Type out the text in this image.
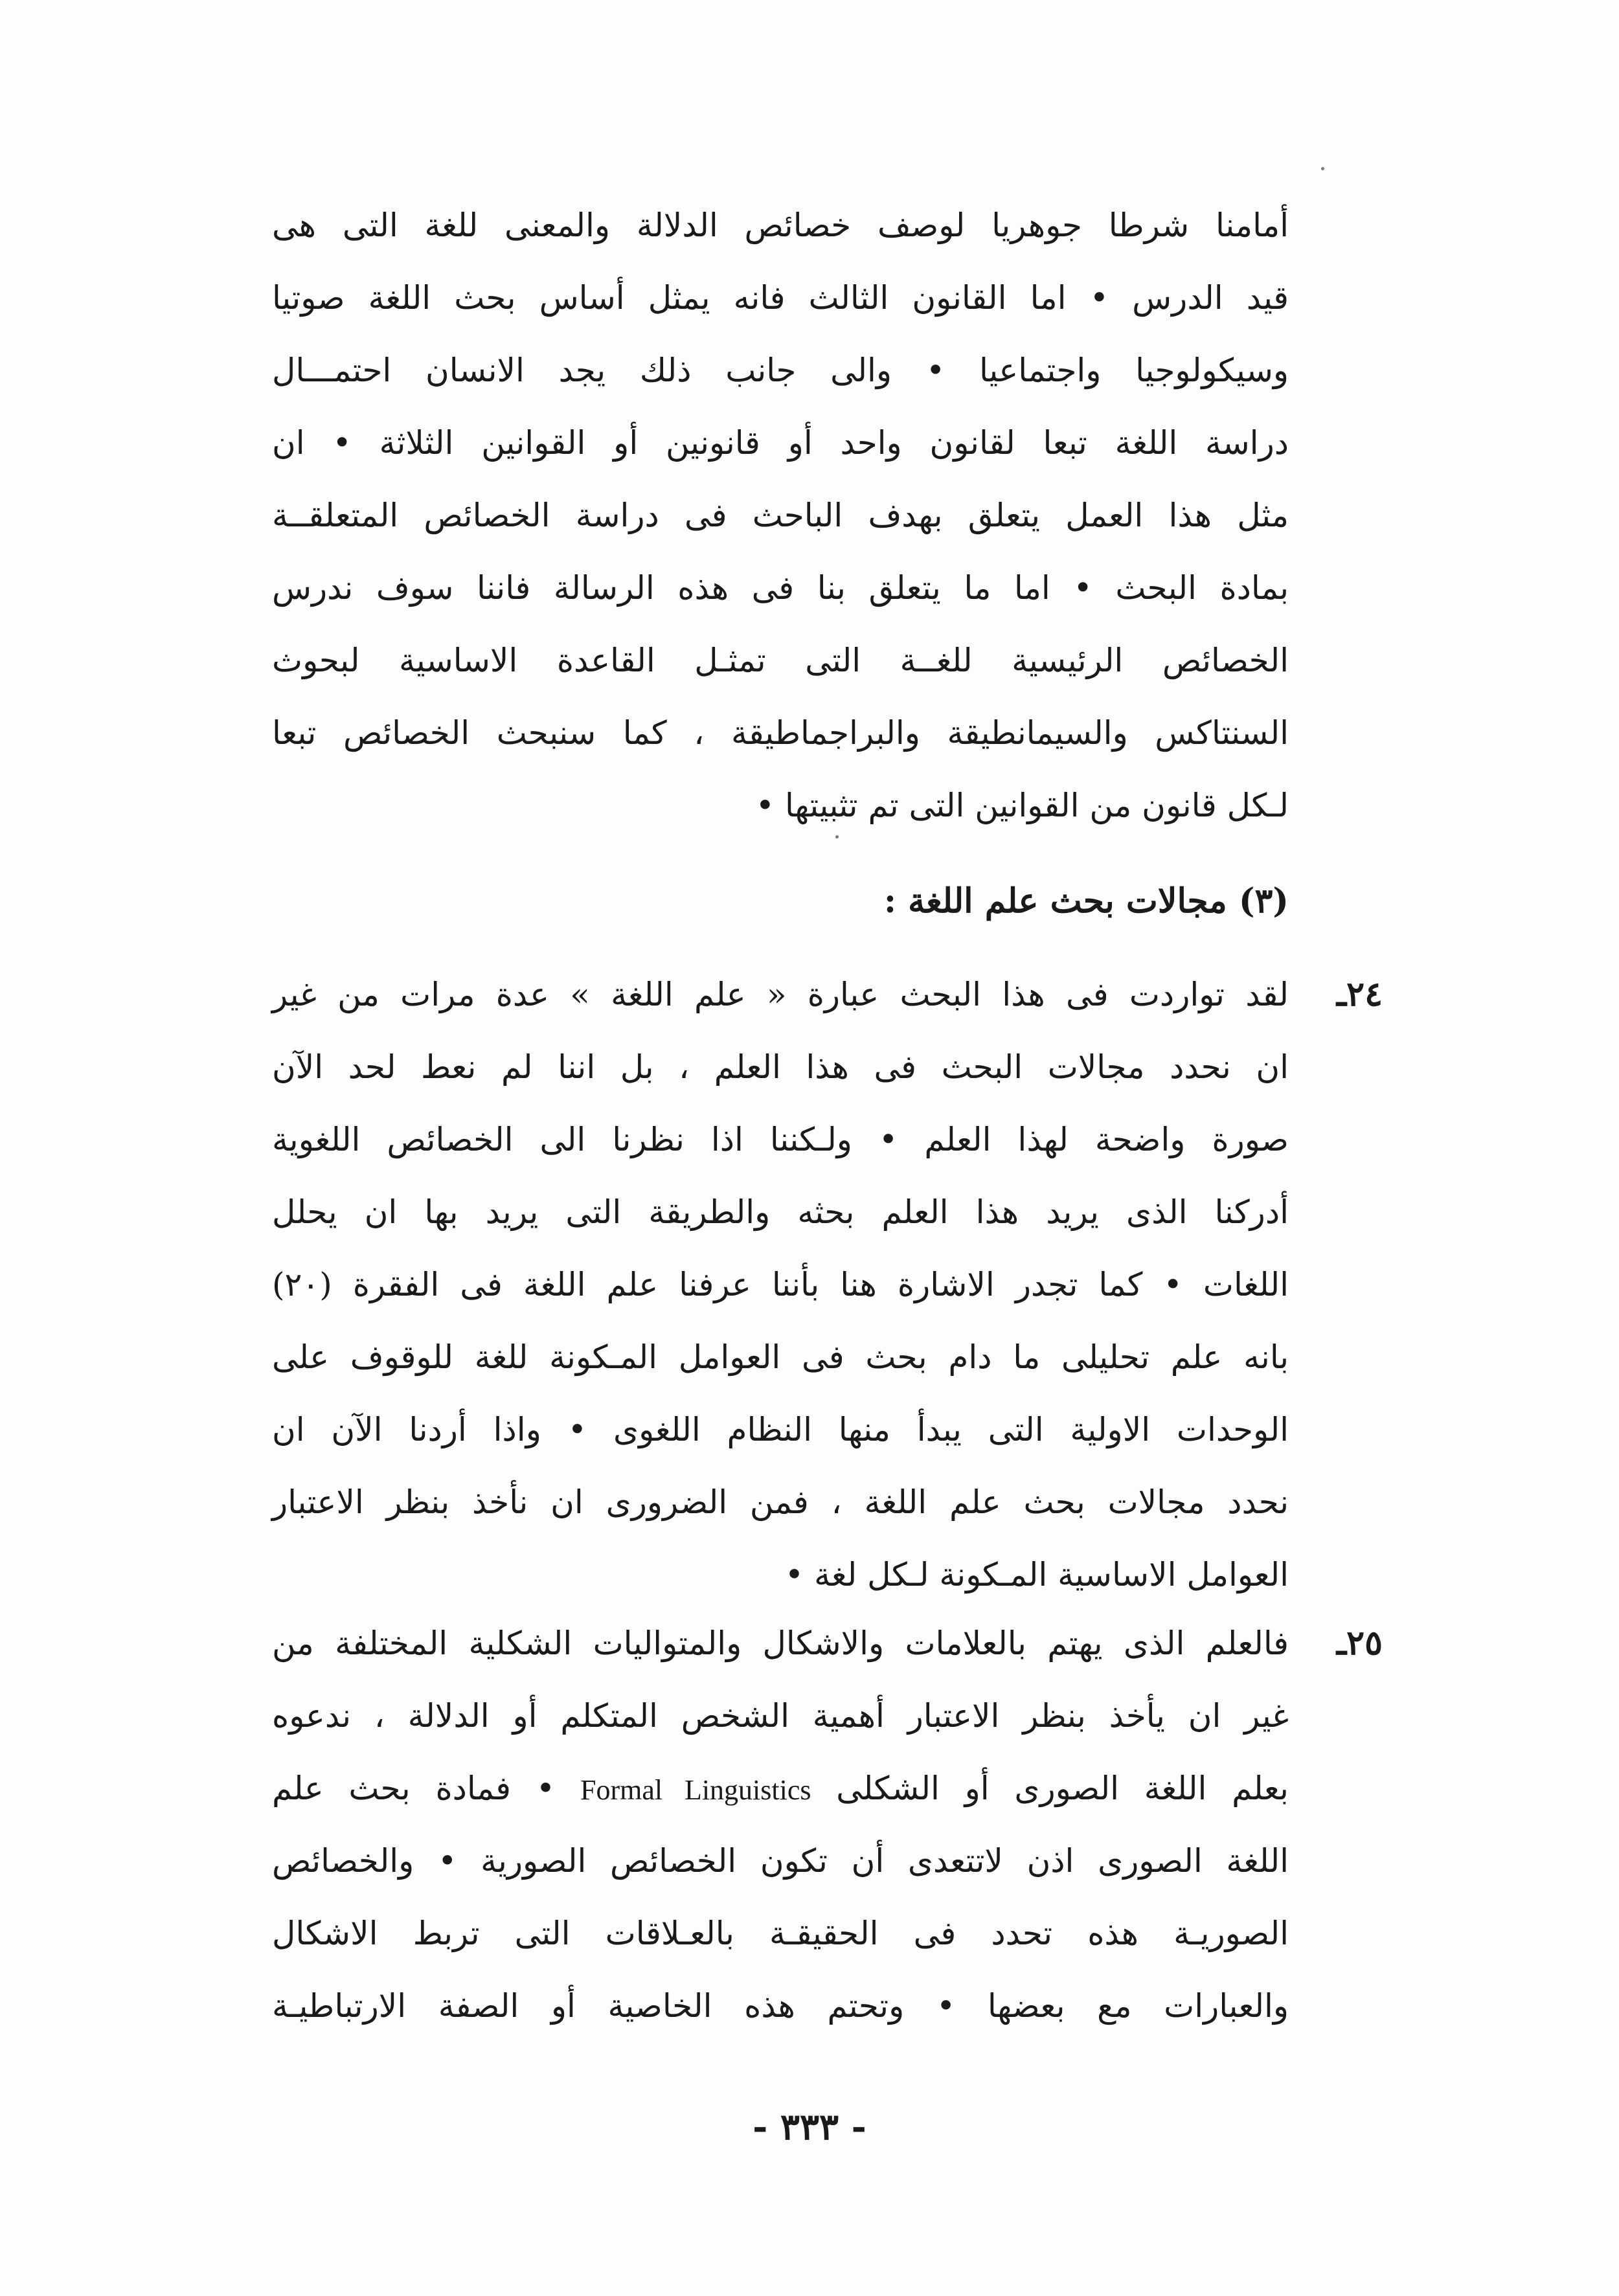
أمامنا شرطا جوهريا لوصف خصائص الدلالة والمعنى للغة التى هى
قيد الدرس • اما القانون الثالث فانه يمثل أساس بحث اللغة صوتيا
وسيكولوجيا واجتماعيا • والى جانب ذلك يجد الانسان احتمـــال
دراسة اللغة تبعا لقانون واحد أو قانونين أو القوانين الثلاثة • ان
مثل هذا العمل يتعلق بهدف الباحث فى دراسة الخصائص المتعلقــة
بمادة البحث • اما ما يتعلق بنا فى هذه الرسالة فاننا سوف ندرس
الخصائص الرئيسية للغــة التى تمثـل القاعدة الاساسية لبحوث
السنتاكس والسيمانطيقة والبراجماطيقة ، كما سنبحث الخصائص تبعا
لـكل قانون من القوانين التى تم تثبيتها •
(٣) مجالات بحث علم اللغة :
٢٤ـ
لقد تواردت فى هذا البحث عبارة « علم اللغة » عدة مرات من غير
ان نحدد مجالات البحث فى هذا العلم ، بل اننا لم نعط لحد الآن
صورة واضحة لهذا العلم • ولـكننا اذا نظرنا الى الخصائص اللغوية
أدركنا الذى يريد هذا العلم بحثه والطريقة التى يريد بها ان يحلل
اللغات • كما تجدر الاشارة هنا بأننا عرفنا علم اللغة فى الفقرة (٢٠)
بانه علم تحليلى ما دام بحث فى العوامل المـكونة للغة للوقوف على
الوحدات الاولية التى يبدأ منها النظام اللغوى • واذا أردنا الآن ان
نحدد مجالات بحث علم اللغة ، فمن الضرورى ان نأخذ بنظر الاعتبار
العوامل الاساسية المـكونة لـكل لغة •
٢٥ـ
فالعلم الذى يهتم بالعلامات والاشكال والمتواليات الشكلية المختلفة من
غير ان يأخذ بنظر الاعتبار أهمية الشخص المتكلم أو الدلالة ، ندعوه
بعلم اللغة الصورى أو الشكلى Formal Linguistics • فمادة بحث علم
اللغة الصورى اذن لاتتعدى أن تكون الخصائص الصورية • والخصائص
الصوريـة هذه تحدد فى الحقيقـة بالعـلاقات التى تربط الاشكال
والعبارات مع بعضها • وتحتم هذه الخاصية أو الصفة الارتباطيـة
- ٣٣٣ -
